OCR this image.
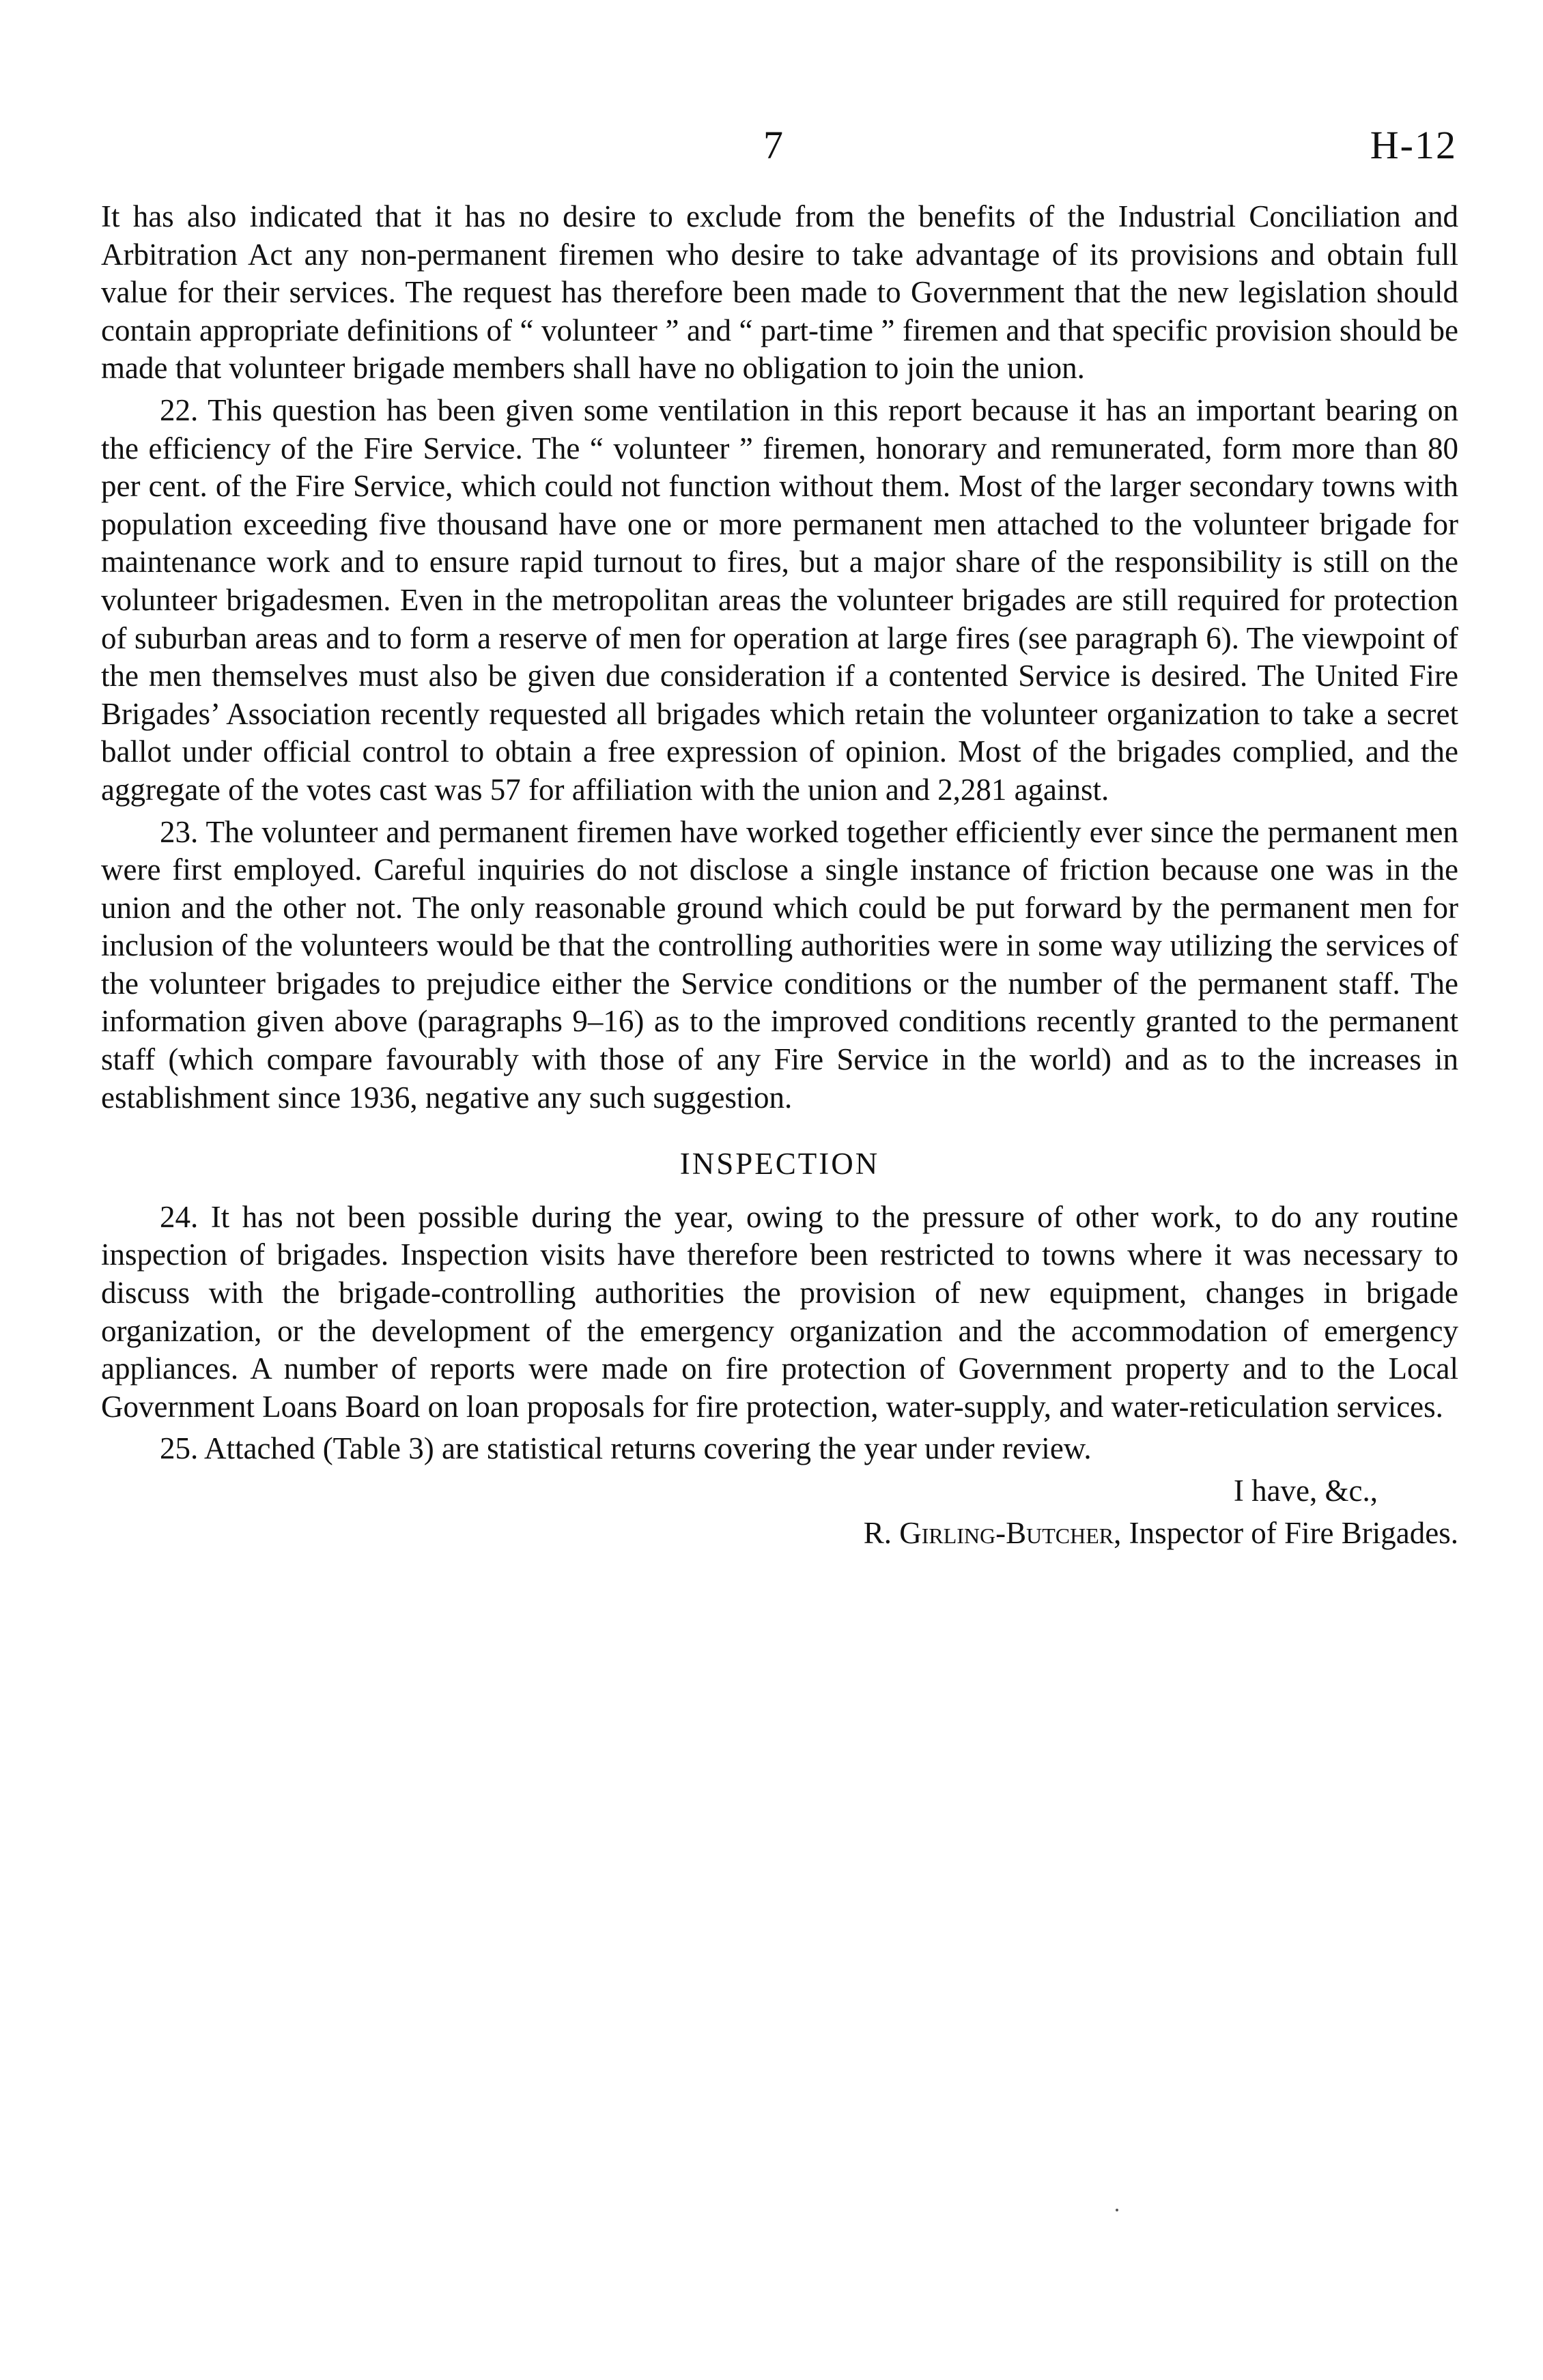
7	H-12

It has also indicated that it has no desire to exclude from the benefits of the Industrial Conciliation and Arbitration Act any non-permanent firemen who desire to take advantage of its provisions and obtain full value for their services. The request has therefore been made to Government that the new legislation should contain appropriate definitions of “ volunteer ” and “ part-time ” firemen and that specific provision should be made that volunteer brigade members shall have no obligation to join the union.

22. This question has been given some ventilation in this report because it has an important bearing on the efficiency of the Fire Service. The “ volunteer ” firemen, honorary and remunerated, form more than 80 per cent. of the Fire Service, which could not function without them. Most of the larger secondary towns with population exceeding five thousand have one or more permanent men attached to the volunteer brigade for maintenance work and to ensure rapid turnout to fires, but a major share of the responsibility is still on the volunteer brigadesmen. Even in the metropolitan areas the volunteer brigades are still required for protection of suburban areas and to form a reserve of men for operation at large fires (see paragraph 6). The viewpoint of the men themselves must also be given due consideration if a contented Service is desired. The United Fire Brigades’ Association recently requested all brigades which retain the volunteer organization to take a secret ballot under official control to obtain a free expression of opinion. Most of the brigades complied, and the aggregate of the votes cast was 57 for affiliation with the union and 2,281 against.

23. The volunteer and permanent firemen have worked together efficiently ever since the permanent men were first employed. Careful inquiries do not disclose a single instance of friction because one was in the union and the other not. The only reasonable ground which could be put forward by the permanent men for inclusion of the volunteers would be that the controlling authorities were in some way utilizing the services of the volunteer brigades to prejudice either the Service conditions or the number of the permanent staff. The information given above (paragraphs 9–16) as to the improved conditions recently granted to the permanent staff (which compare favourably with those of any Fire Service in the world) and as to the increases in establishment since 1936, negative any such suggestion.

INSPECTION

24. It has not been possible during the year, owing to the pressure of other work, to do any routine inspection of brigades. Inspection visits have therefore been restricted to towns where it was necessary to discuss with the brigade-controlling authorities the provision of new equipment, changes in brigade organization, or the development of the emergency organization and the accommodation of emergency appliances. A number of reports were made on fire protection of Government property and to the Local Government Loans Board on loan proposals for fire protection, water-supply, and water-reticulation services.

25. Attached (Table 3) are statistical returns covering the year under review.

I have, &c.,

R. Girling-Butcher, Inspector of Fire Brigades.
